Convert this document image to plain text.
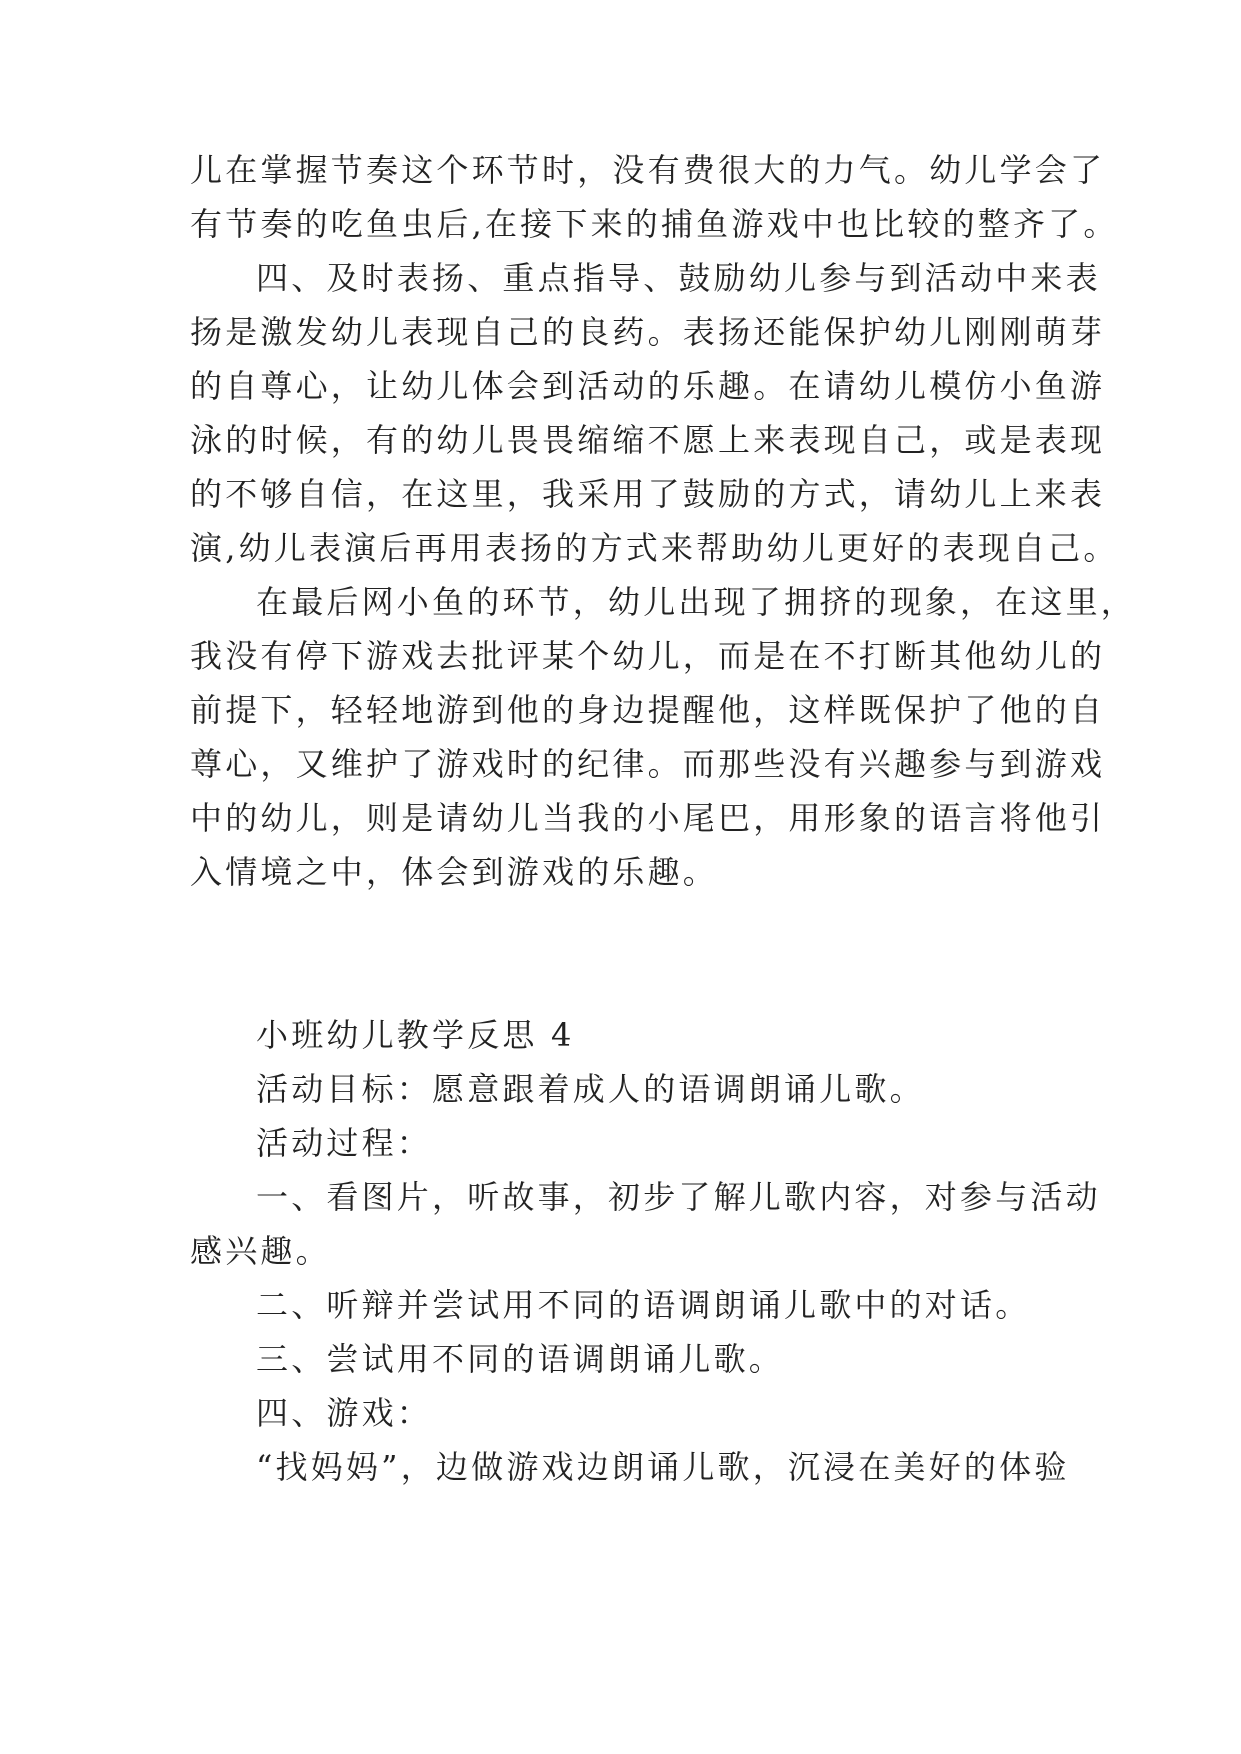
儿在掌握节奏这个环节时，没有费很大的力气。幼儿学会了
有节奏的吃鱼虫后,在接下来的捕鱼游戏中也比较的整齐了。
四、及时表扬、重点指导、鼓励幼儿参与到活动中来表
扬是激发幼儿表现自己的良药。表扬还能保护幼儿刚刚萌芽
的自尊心，让幼儿体会到活动的乐趣。在请幼儿模仿小鱼游
泳的时候，有的幼儿畏畏缩缩不愿上来表现自己，或是表现
的不够自信，在这里，我采用了鼓励的方式，请幼儿上来表
演,幼儿表演后再用表扬的方式来帮助幼儿更好的表现自己。
在最后网小鱼的环节，幼儿出现了拥挤的现象，在这里，
我没有停下游戏去批评某个幼儿，而是在不打断其他幼儿的
前提下，轻轻地游到他的身边提醒他，这样既保护了他的自
尊心，又维护了游戏时的纪律。而那些没有兴趣参与到游戏
中的幼儿，则是请幼儿当我的小尾巴，用形象的语言将他引
入情境之中，体会到游戏的乐趣。
小班幼儿教学反思 4
活动目标：愿意跟着成人的语调朗诵儿歌。
活动过程：
一、看图片，听故事，初步了解儿歌内容，对参与活动
感兴趣。
二、听辩并尝试用不同的语调朗诵儿歌中的对话。
三、尝试用不同的语调朗诵儿歌。
四、游戏：
“找妈妈”，边做游戏边朗诵儿歌，沉浸在美好的体验
